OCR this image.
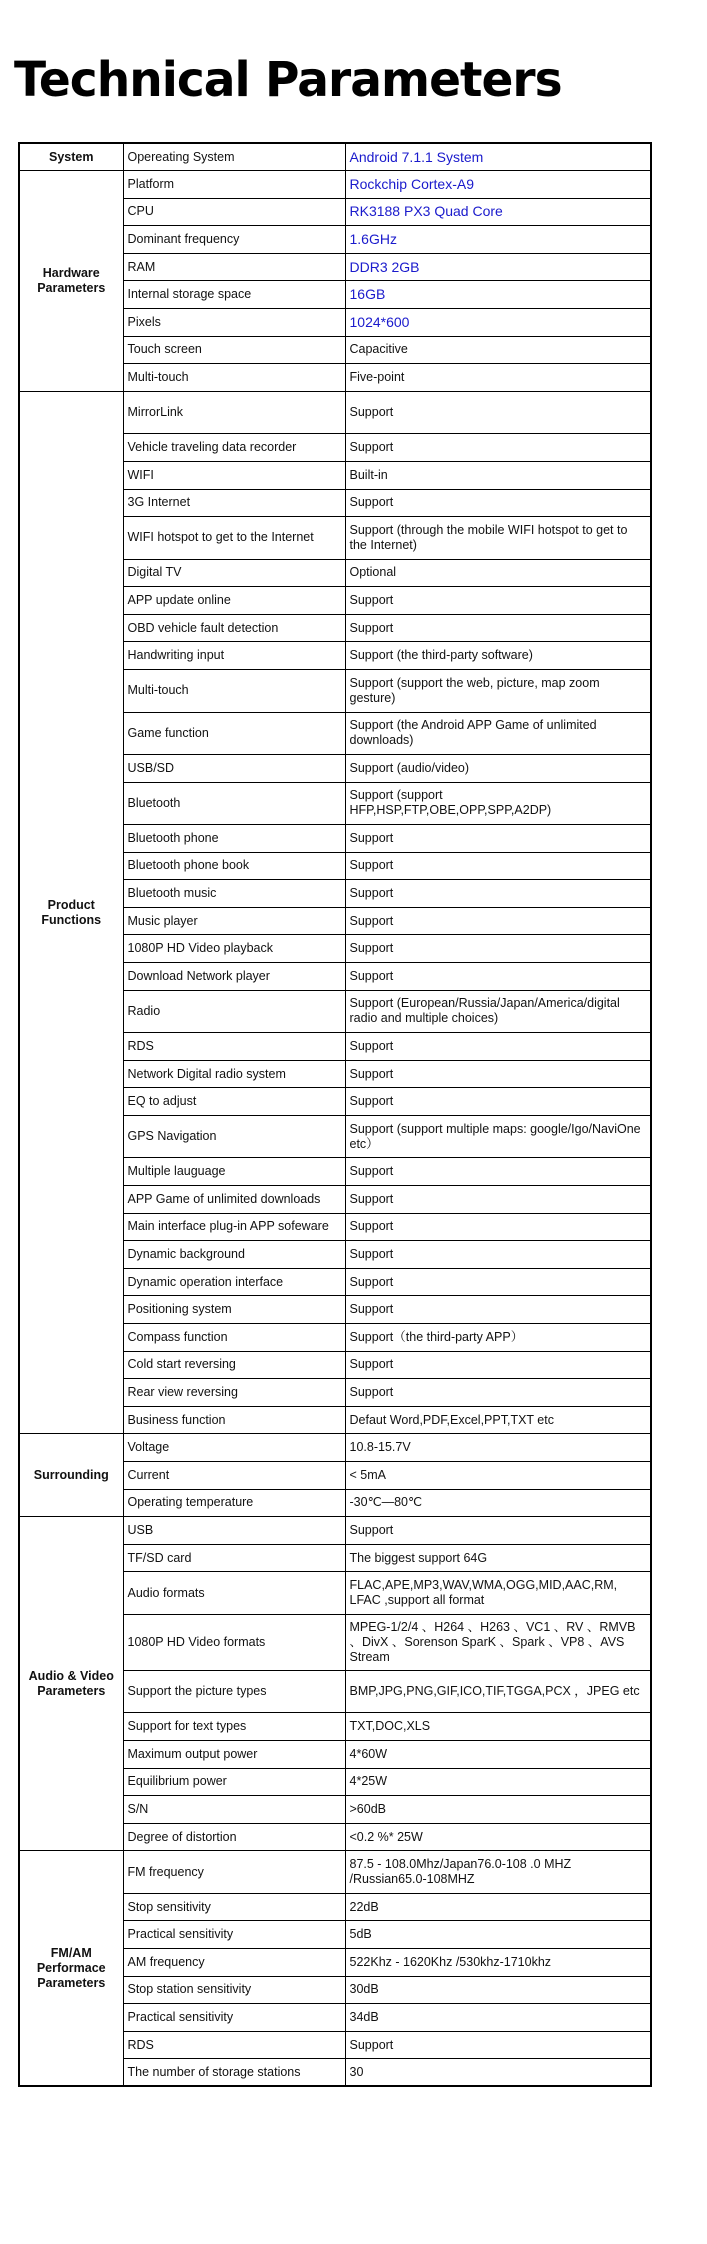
Technical Parameters
System	Opereating System	Android 7.1.1 System
Hardware Parameters	Platform	Rockchip Cortex-A9
	CPU	RK3188 PX3 Quad Core
	Dominant frequency	1.6GHz
	RAM	DDR3 2GB
	Internal storage space	16GB
	Pixels	1024*600
	Touch screen	Capacitive
	Multi-touch	Five-point
Product Functions	MirrorLink	Support
	Vehicle traveling data recorder	Support
	WIFI	Built-in
	3G Internet	Support
	WIFI hotspot to get to the Internet	Support (through the mobile WIFI hotspot to get to the Internet)
	Digital TV	Optional
	APP update online	Support
	OBD vehicle fault detection	Support
	Handwriting input	Support (the third-party software)
	Multi-touch	Support (support the web, picture, map zoom gesture)
	Game function	Support (the Android APP Game of unlimited downloads)
	USB/SD	Support (audio/video)
	Bluetooth	Support (support HFP,HSP,FTP,OBE,OPP,SPP,A2DP)
	Bluetooth phone	Support
	Bluetooth phone book	Support
	Bluetooth music	Support
	Music player	Support
	1080P HD Video playback	Support
	Download Network player	Support
	Radio	Support (European/Russia/Japan/America/digital radio and multiple choices)
	RDS	Support
	Network Digital radio system	Support
	EQ to adjust	Support
	GPS Navigation	Support (support multiple maps: google/Igo/NaviOne etc）
	Multiple lauguage	Support
	APP Game of unlimited downloads	Support
	Main interface plug-in APP sofeware	Support
	Dynamic background	Support
	Dynamic operation interface	Support
	Positioning system	Support
	Compass function	Support（the third-party APP）
	Cold start reversing	Support
	Rear view reversing	Support
	Business function	Defaut Word,PDF,Excel,PPT,TXT etc
Surrounding	Voltage	10.8-15.7V
	Current	< 5mA
	Operating temperature	-30℃—80℃
Audio & Video Parameters	USB	Support
	TF/SD card	The biggest support 64G
	Audio formats	FLAC,APE,MP3,WAV,WMA,OGG,MID,AAC,RM, LFAC ,support all format
	1080P HD Video formats	MPEG-1/2/4 、H264 、H263 、VC1 、RV 、RMVB 、DivX 、Sorenson SparK 、Spark 、VP8 、AVS Stream
	Support the picture types	BMP,JPG,PNG,GIF,ICO,TIF,TGGA,PCX ，JPEG etc
	Support for text types	TXT,DOC,XLS
	Maximum output power	4*60W
	Equilibrium power	4*25W
	S/N	>60dB
	Degree of distortion	<0.2 %* 25W
FM/AM Performace Parameters	FM frequency	87.5 - 108.0Mhz/Japan76.0-108 .0 MHZ /Russian65.0-108MHZ
	Stop sensitivity	22dB
	Practical sensitivity	5dB
	AM frequency	522Khz - 1620Khz /530khz-1710khz
	Stop station sensitivity	30dB
	Practical sensitivity	34dB
	RDS	Support
	The number of storage stations	30
